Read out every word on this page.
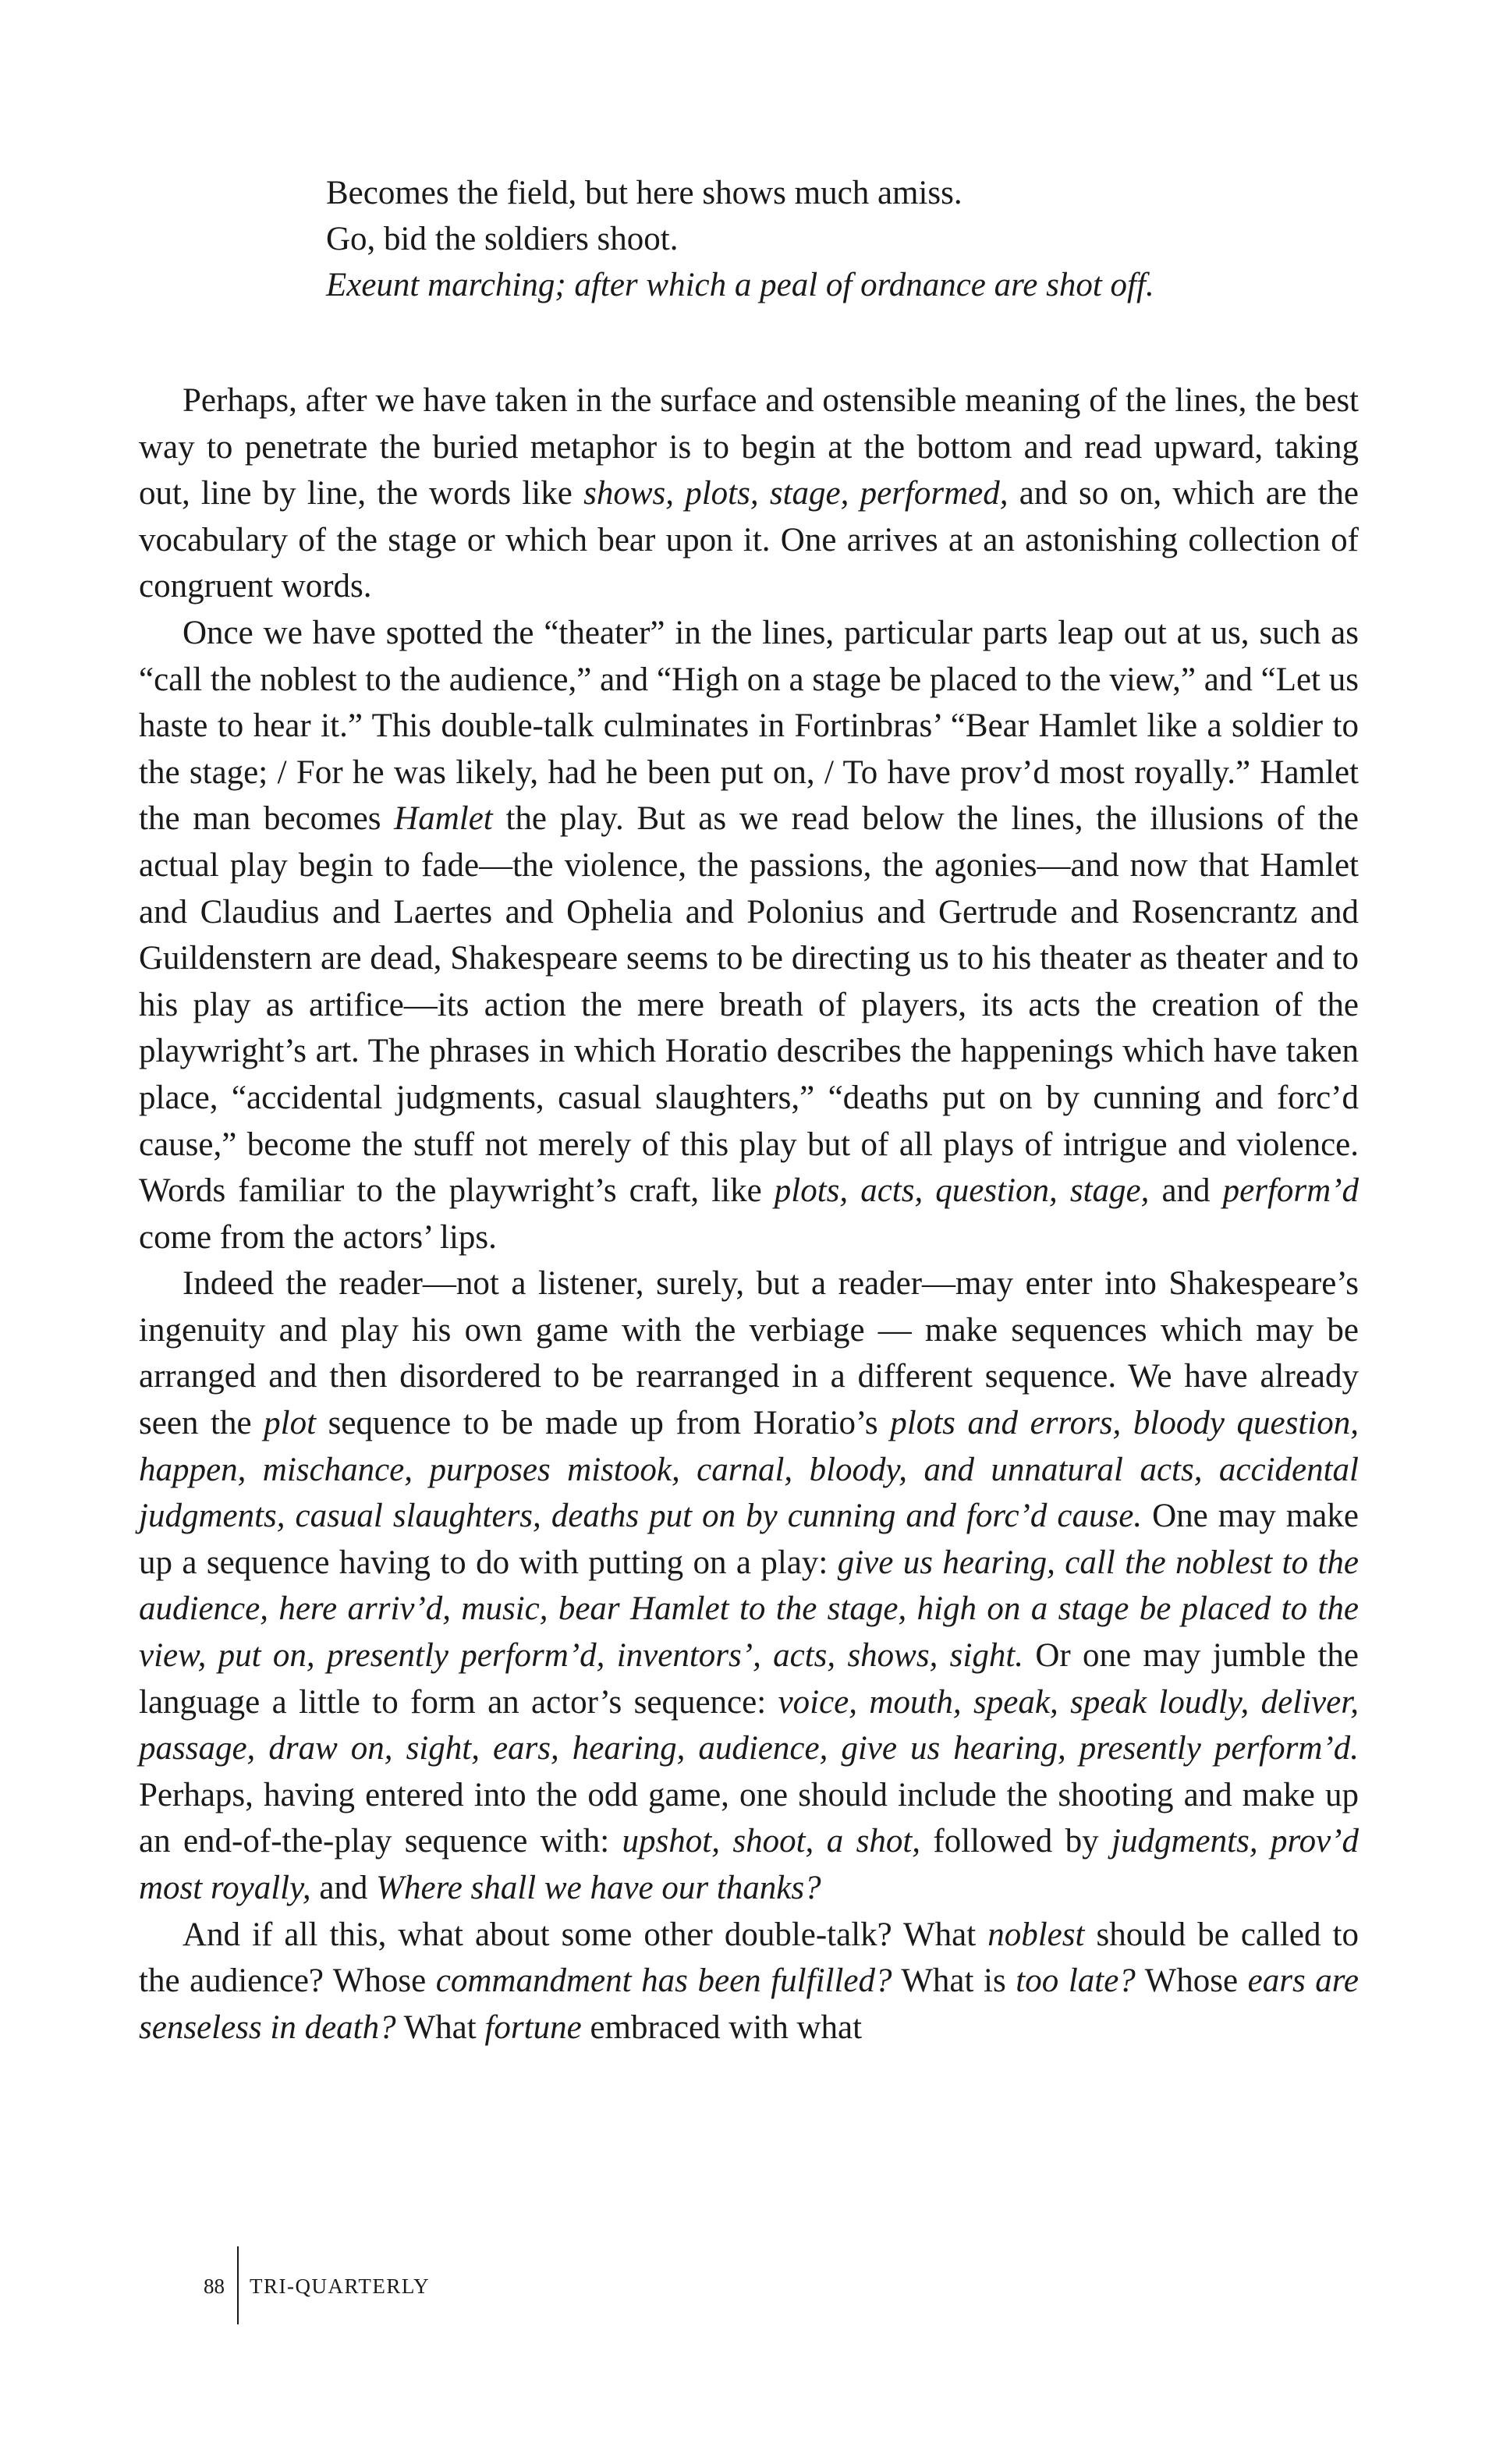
Becomes the field, but here shows much amiss.
Go, bid the soldiers shoot.
Exeunt marching; after which a peal of ordnance are shot off.

Perhaps, after we have taken in the surface and ostensible meaning of the lines, the best way to penetrate the buried metaphor is to begin at the bottom and read upward, taking out, line by line, the words like shows, plots, stage, performed, and so on, which are the vocabulary of the stage or which bear upon it. One arrives at an astonishing collection of congruent words.

Once we have spotted the “theater” in the lines, particular parts leap out at us, such as “call the noblest to the audience,” and “High on a stage be placed to the view,” and “Let us haste to hear it.” This double-talk culminates in Fortinbras’ “Bear Hamlet like a soldier to the stage; / For he was likely, had he been put on, / To have prov’d most royally.” Hamlet the man becomes Hamlet the play. But as we read below the lines, the illusions of the actual play begin to fade—the violence, the passions, the agonies—and now that Hamlet and Claudius and Laertes and Ophelia and Polonius and Gertrude and Rosencrantz and Guildenstern are dead, Shakespeare seems to be directing us to his theater as theater and to his play as artifice—its action the mere breath of players, its acts the creation of the playwright’s art. The phrases in which Horatio describes the happenings which have taken place, “accidental judgments, casual slaughters,” “deaths put on by cunning and forc’d cause,” become the stuff not merely of this play but of all plays of intrigue and violence. Words familiar to the playwright’s craft, like plots, acts, question, stage, and perform’d come from the actors’ lips.

Indeed the reader—not a listener, surely, but a reader—may enter into Shakespeare’s ingenuity and play his own game with the verbiage — make sequences which may be arranged and then disordered to be rearranged in a different sequence. We have already seen the plot sequence to be made up from Horatio’s plots and errors, bloody question, happen, mischance, purposes mistook, carnal, bloody, and unnatural acts, accidental judgments, casual slaughters, deaths put on by cunning and forc’d cause. One may make up a sequence having to do with putting on a play: give us hearing, call the noblest to the audience, here arriv’d, music, bear Hamlet to the stage, high on a stage be placed to the view, put on, presently perform’d, inventors’, acts, shows, sight. Or one may jumble the language a little to form an actor’s sequence: voice, mouth, speak, speak loudly, deliver, passage, draw on, sight, ears, hearing, audience, give us hearing, presently perform’d. Perhaps, having entered into the odd game, one should include the shooting and make up an end-of-the-play sequence with: upshot, shoot, a shot, followed by judgments, prov’d most royally, and Where shall we have our thanks?

And if all this, what about some other double-talk? What noblest should be called to the audience? Whose commandment has been fulfilled? What is too late? Whose ears are senseless in death? What fortune embraced with what

88 TRI-QUARTERLY
